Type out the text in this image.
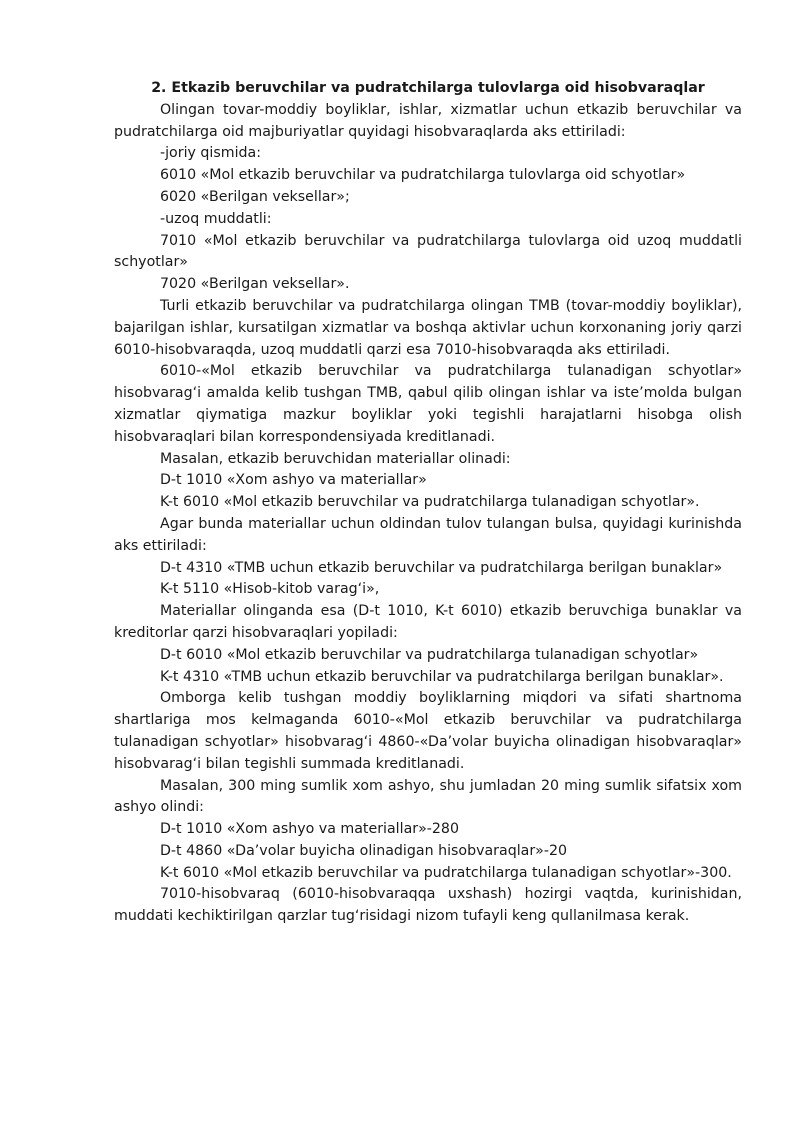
2. Etkazib beruvchilar va pudratchilarga tulovlarga oid hisobvaraqlar

Olingan tovar-moddiy boyliklar, ishlar, xizmatlar uchun etkazib beruvchilar va pudratchilarga oid majburiyatlar quyidagi hisobvaraqlarda aks ettiriladi:

-joriy qismida:

6010 «Mol etkazib beruvchilar va pudratchilarga tulovlarga oid schyotlar»

6020 «Berilgan veksellar»;

-uzoq muddatli:

7010 «Mol etkazib beruvchilar va pudratchilarga tulovlarga oid uzoq muddatli schyotlar»

7020 «Berilgan veksellar».

Turli etkazib beruvchilar va pudratchilarga olingan TMB (tovar-moddiy boyliklar), bajarilgan ishlar, kursatilgan xizmatlar va boshqa aktivlar uchun korxonaning joriy qarzi 6010-hisobvaraqda, uzoq muddatli qarzi esa 7010-hisobvaraqda aks ettiriladi.

6010-«Mol etkazib beruvchilar va pudratchilarga tulanadigan schyotlar» hisobvarag‘i amalda kelib tushgan TMB, qabul qilib olingan ishlar va iste’molda bulgan xizmatlar qiymatiga mazkur boyliklar yoki tegishli harajatlarni hisobga olish hisobvaraqlari bilan korrespondensiyada kreditlanadi.

Masalan, etkazib beruvchidan materiallar olinadi:

D-t 1010 «Xom ashyo va materiallar»

K-t 6010 «Mol etkazib beruvchilar va pudratchilarga tulanadigan schyotlar».

Agar bunda materiallar uchun oldindan tulov tulangan bulsa, quyidagi kurinishda aks ettiriladi:

D-t 4310 «TMB uchun etkazib beruvchilar va pudratchilarga berilgan bunaklar»

K-t 5110 «Hisob-kitob varag‘i»,

Materiallar olinganda esa (D-t 1010, K-t 6010) etkazib beruvchiga bunaklar va kreditorlar qarzi hisobvaraqlari yopiladi:

D-t 6010 «Mol etkazib beruvchilar va pudratchilarga tulanadigan schyotlar»

K-t 4310 «TMB uchun etkazib beruvchilar va pudratchilarga berilgan bunaklar».

Omborga kelib tushgan moddiy boyliklarning miqdori va sifati shartnoma shartlariga mos kelmaganda 6010-«Mol etkazib beruvchilar va pudratchilarga tulanadigan schyotlar» hisobvarag‘i 4860-«Da’volar buyicha olinadigan hisobvaraqlar» hisobvarag‘i bilan tegishli summada kreditlanadi.

Masalan, 300 ming sumlik xom ashyo, shu jumladan 20 ming sumlik sifatsix xom ashyo olindi:

D-t 1010 «Xom ashyo va materiallar»-280

D-t 4860 «Da’volar buyicha olinadigan hisobvaraqlar»-20

K-t 6010 «Mol etkazib beruvchilar va pudratchilarga tulanadigan schyotlar»-300.

7010-hisobvaraq (6010-hisobvaraqqa uxshash) hozirgi vaqtda, kurinishidan, muddati kechiktirilgan qarzlar tug‘risidagi nizom tufayli keng qullanilmasa kerak.
